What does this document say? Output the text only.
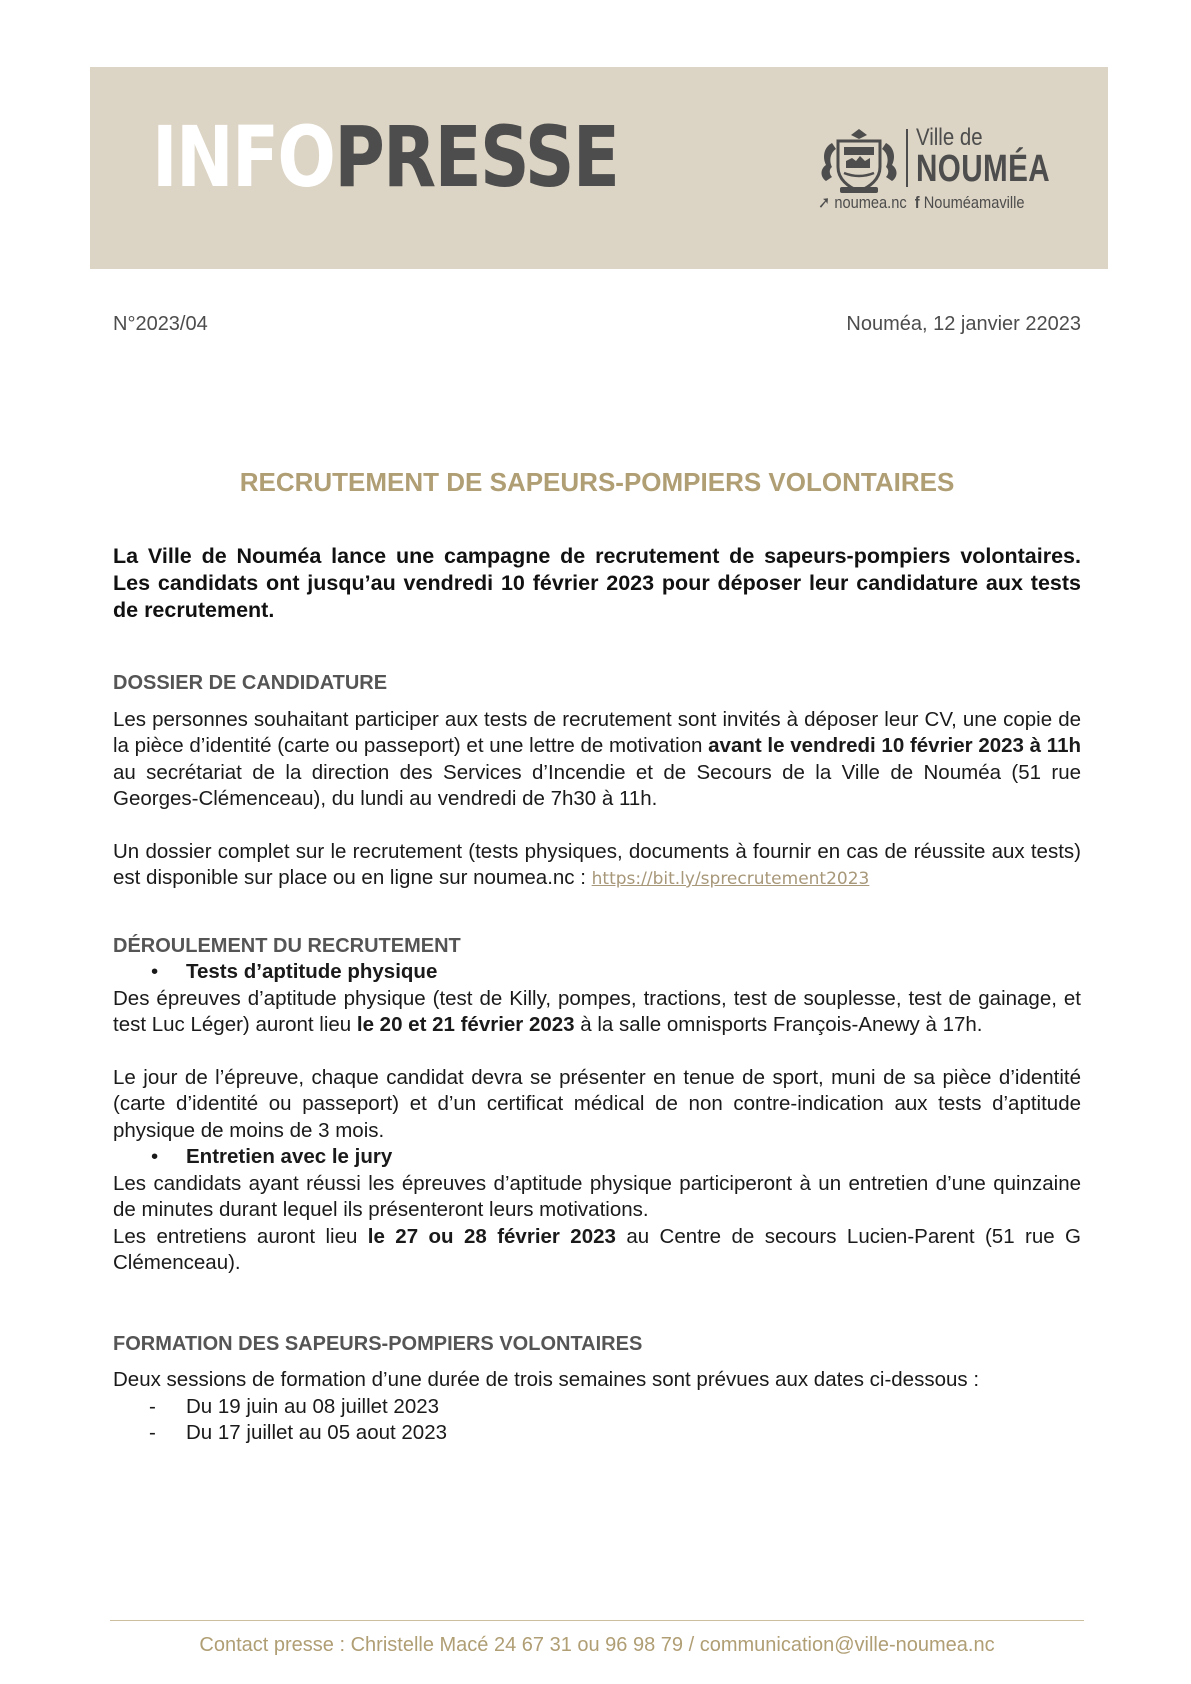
INFOPRESSE	Ville de
NOUMÉA
➚ noumea.nc f Nouméamaville
N°2023/04	Nouméa, 12 janvier 22023
RECRUTEMENT DE SAPEURS-POMPIERS VOLONTAIRES

La Ville de Nouméa lance une campagne de recrutement de sapeurs-pompiers volontaires. Les candidats ont jusqu’au vendredi 10 février 2023 pour déposer leur candidature aux tests de recrutement.

DOSSIER DE CANDIDATURE

Les personnes souhaitant participer aux tests de recrutement sont invités à déposer leur CV, une copie de la pièce d’identité (carte ou passeport) et une lettre de motivation avant le vendredi 10 février 2023 à 11h au secrétariat de la direction des Services d’Incendie et de Secours de la Ville de Nouméa (51 rue Georges-Clémenceau), du lundi au vendredi de 7h30 à 11h.

Un dossier complet sur le recrutement (tests physiques, documents à fournir en cas de réussite aux tests) est disponible sur place ou en ligne sur noumea.nc : https://bit.ly/sprecrutement2023

DÉROULEMENT DU RECRUTEMENT

• Tests d’aptitude physique

Des épreuves d’aptitude physique (test de Killy, pompes, tractions, test de souplesse, test de gainage, et test Luc Léger) auront lieu le 20 et 21 février 2023 à la salle omnisports François-Anewy à 17h.

Le jour de l’épreuve, chaque candidat devra se présenter en tenue de sport, muni de sa pièce d’identité (carte d’identité ou passeport) et d’un certificat médical de non contre-indication aux tests d’aptitude physique de moins de 3 mois.

• Entretien avec le jury

Les candidats ayant réussi les épreuves d’aptitude physique participeront à un entretien d’une quinzaine de minutes durant lequel ils présenteront leurs motivations.

Les entretiens auront lieu le 27 ou 28 février 2023 au Centre de secours Lucien-Parent (51 rue G Clémenceau).

FORMATION DES SAPEURS-POMPIERS VOLONTAIRES

Deux sessions de formation d’une durée de trois semaines sont prévues aux dates ci-dessous :

- Du 19 juin au 08 juillet 2023

- Du 17 juillet au 05 aout 2023

Contact presse : Christelle Macé 24 67 31 ou 96 98 79 / communication@ville-noumea.nc
